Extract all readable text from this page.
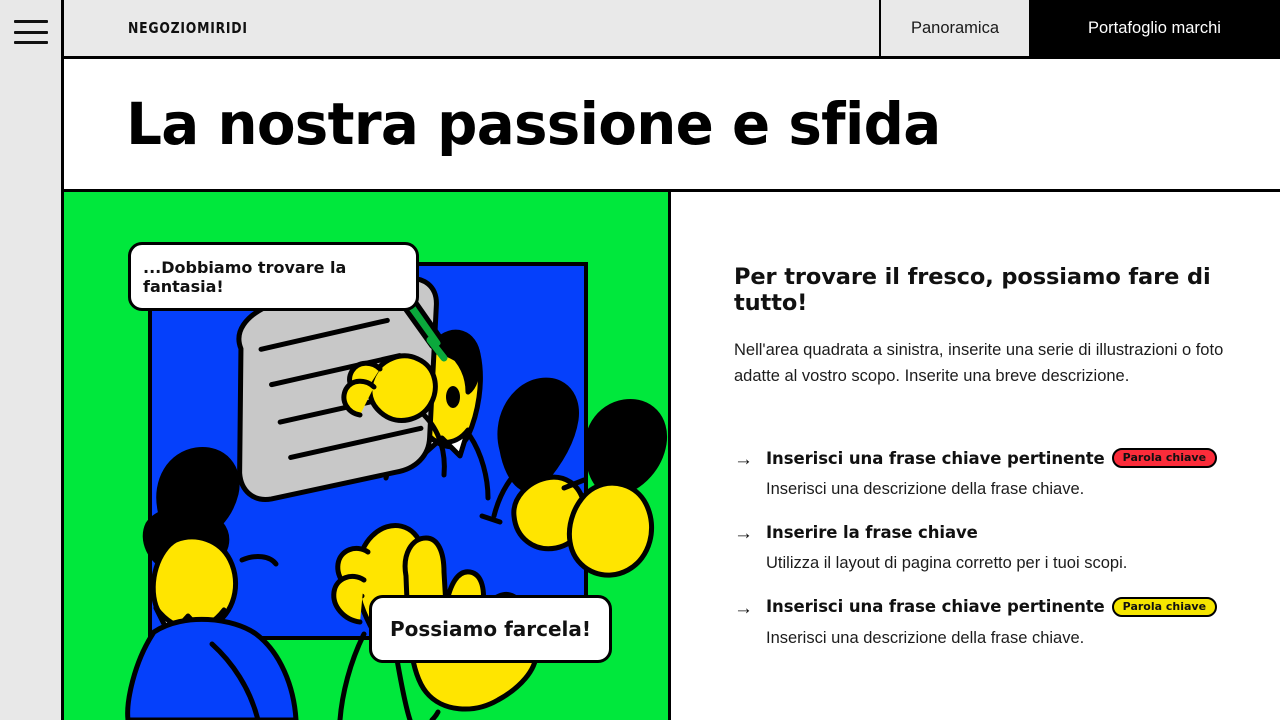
NEGOZIOMIRIDI	Panoramica	Portafoglio marchi
La nostra passione e sfida
...Dobbiamo trovare la fantasia!
Possiamo farcela!
Per trovare il fresco, possiamo fare di tutto!
Nell'area quadrata a sinistra, inserite una serie di illustrazioni o foto adatte al vostro scopo. Inserite una breve descrizione.
→ Inserisci una frase chiave pertinente	Parola chiave
Inserisci una descrizione della frase chiave.
→ Inserire la frase chiave
Utilizza il layout di pagina corretto per i tuoi scopi.
→ Inserisci una frase chiave pertinente	Parola chiave
Inserisci una descrizione della frase chiave.
